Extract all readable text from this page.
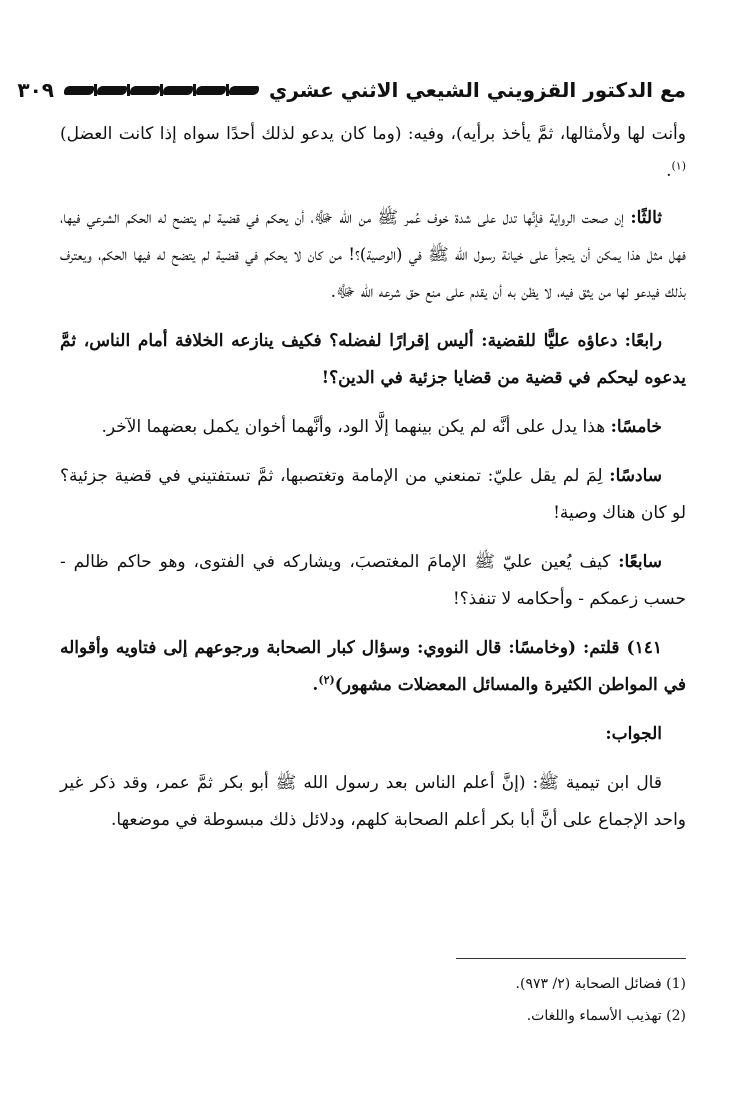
مع الدكتور القزويني الشيعي الاثني عشري
٣٠٩

وأنت لها ولأمثالها، ثمَّ يأخذ برأيه)، وفيه: (وما كان يدعو لذلك أحدًا سواه إذا كانت العضل)$^{(١)}$.

ثالثًا: إن صحت الرواية فإنَّها تدل على شدة خوف عُمر ﷺ من الله ﷻ، أن يحكم في قضية لم يتضح له الحكم الشرعي فيها، فهل مثل هذا يمكن أن يتجرأ على خيانة رسول الله ﷺ في (الوصية)؟! من كان لا يحكم في قضية لم يتضح له فيها الحكم، ويعترف بذلك فيدعو لها من يثق فيه، لا يظن به أن يقدم على منع حق شرعه الله ﷻ.

رابعًا: دعاؤه عليًّا للقضية: أليس إقرارًا لفضله؟ فكيف ينازعه الخلافة أمام الناس، ثمَّ يدعوه ليحكم في قضية من قضايا جزئية في الدين؟!

خامسًا: هذا يدل على أنَّه لم يكن بينهما إلَّا الود، وأنَّهما أخوان يكمل بعضهما الآخر.

سادسًا: لِمَ لم يقل عليّ: تمنعني من الإمامة وتغتصبها، ثمَّ تستفتيني في قضية جزئية؟ لو كان هناك وصية!

سابعًا: كيف يُعين عليّ ﷺ الإمامَ المغتصبَ، ويشاركه في الفتوى، وهو حاكم ظالم - حسب زعمكم - وأحكامه لا تنفذ؟!

١٤١) قلتم: (وخامسًا: قال النووي: وسؤال كبار الصحابة ورجوعهم إلى فتاويه وأقواله في المواطن الكثيرة والمسائل المعضلات مشهور)$^{(٢)}$.

الجواب:

قال ابن تيمية ﷺ: (إنَّ أعلم الناس بعد رسول الله ﷺ أبو بكر ثمَّ عمر، وقد ذكر غير واحد الإجماع على أنَّ أبا بكر أعلم الصحابة كلهم، ودلائل ذلك مبسوطة في موضعها.

(1) فضائل الصحابة (٢/ ٩٧٣).

(2) تهذيب الأسماء واللغات.
